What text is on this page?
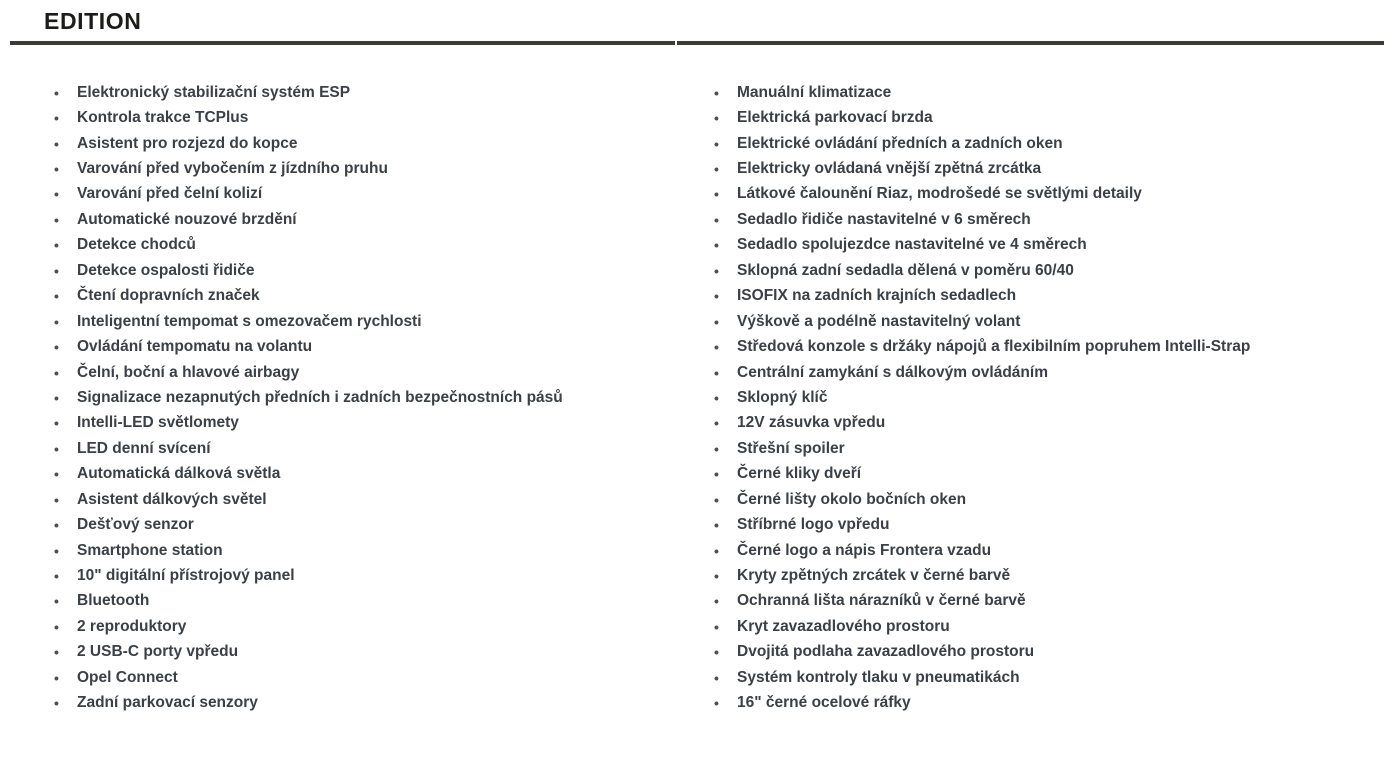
EDITION
•	Elektronický stabilizační systém ESP
•	Kontrola trakce TCPlus
•	Asistent pro rozjezd do kopce
•	Varování před vybočením z jízdního pruhu
•	Varování před čelní kolizí
•	Automatické nouzové brzdění
•	Detekce chodců
•	Detekce ospalosti řidiče
•	Čtení dopravních značek
•	Inteligentní tempomat s omezovačem rychlosti
•	Ovládání tempomatu na volantu
•	Čelní, boční a hlavové airbagy
•	Signalizace nezapnutých předních i zadních bezpečnostních pásů
•	Intelli-LED světlomety
•	LED denní svícení
•	Automatická dálková světla
•	Asistent dálkových světel
•	Dešťový senzor
•	Smartphone station
•	10" digitální přístrojový panel
•	Bluetooth
•	2 reproduktory
•	2 USB-C porty vpředu
•	Opel Connect
•	Zadní parkovací senzory
•	Manuální klimatizace
•	Elektrická parkovací brzda
•	Elektrické ovládání předních a zadních oken
•	Elektricky ovládaná vnější zpětná zrcátka
•	Látkové čalounění Riaz, modrošedé se světlými detaily
•	Sedadlo řidiče nastavitelné v 6 směrech
•	Sedadlo spolujezdce nastavitelné ve 4 směrech
•	Sklopná zadní sedadla dělená v poměru 60/40
•	ISOFIX na zadních krajních sedadlech
•	Výškově a podélně nastavitelný volant
•	Středová konzole s držáky nápojů a flexibilním popruhem Intelli-Strap
•	Centrální zamykání s dálkovým ovládáním
•	Sklopný klíč
•	12V zásuvka vpředu
•	Střešní spoiler
•	Černé kliky dveří
•	Černé lišty okolo bočních oken
•	Stříbrné logo vpředu
•	Černé logo a nápis Frontera vzadu
•	Kryty zpětných zrcátek v černé barvě
•	Ochranná lišta nárazníků v černé barvě
•	Kryt zavazadlového prostoru
•	Dvojitá podlaha zavazadlového prostoru
•	Systém kontroly tlaku v pneumatikách
•	16" černé ocelové ráfky
